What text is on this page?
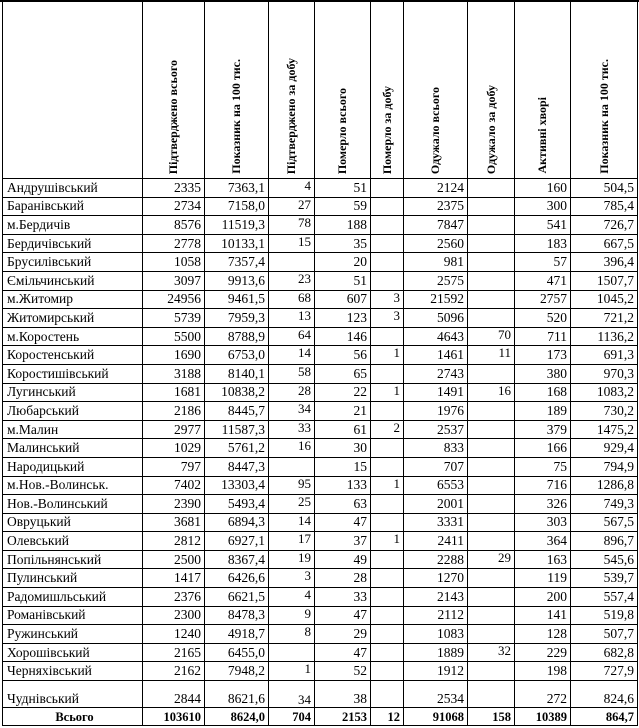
	Підтверджено всього	Показник на 100 тис.	Підтверджено за добу	Померло всього	Померло за добу	Одужало всього	Одужало за добу	Активні хворі	Показник на 100 тис.
Андрушівський	2335	7363,1	4	51		2124		160	504,5
Баранівський	2734	7158,0	27	59		2375		300	785,4
м.Бердичів	8576	11519,3	78	188		7847		541	726,7
Бердичівський	2778	10133,1	15	35		2560		183	667,5
Брусилівський	1058	7357,4		20		981		57	396,4
Ємільчинський	3097	9913,6	23	51		2575		471	1507,7
м.Житомир	24956	9461,5	68	607	3	21592		2757	1045,2
Житомирський	5739	7959,3	13	123	3	5096		520	721,2
м.Коростень	5500	8788,9	64	146		4643	70	711	1136,2
Коростенський	1690	6753,0	14	56	1	1461	11	173	691,3
Коростишівський	3188	8140,1	58	65		2743		380	970,3
Лугинський	1681	10838,2	28	22	1	1491	16	168	1083,2
Любарський	2186	8445,7	34	21		1976		189	730,2
м.Малин	2977	11587,3	33	61	2	2537		379	1475,2
Малинський	1029	5761,2	16	30		833		166	929,4
Народицький	797	8447,3		15		707		75	794,9
м.Нов.-Волинськ.	7402	13303,4	95	133	1	6553		716	1286,8
Нов.-Волинський	2390	5493,4	25	63		2001		326	749,3
Овруцький	3681	6894,3	14	47		3331		303	567,5
Олевський	2812	6927,1	17	37	1	2411		364	896,7
Попільнянський	2500	8367,4	19	49		2288	29	163	545,6
Пулинський	1417	6426,6	3	28		1270		119	539,7
Радомишльський	2376	6621,5	4	33		2143		200	557,4
Романівський	2300	8478,3	9	47		2112		141	519,8
Ружинський	1240	4918,7	8	29		1083		128	507,7
Хорошівський	2165	6455,0		47		1889	32	229	682,8
Черняхівський	2162	7948,2	1	52		1912		198	727,9
Чуднівський	2844	8621,6	34	38		2534		272	824,6
Всього	103610	8624,0	704	2153	12	91068	158	10389	864,7
